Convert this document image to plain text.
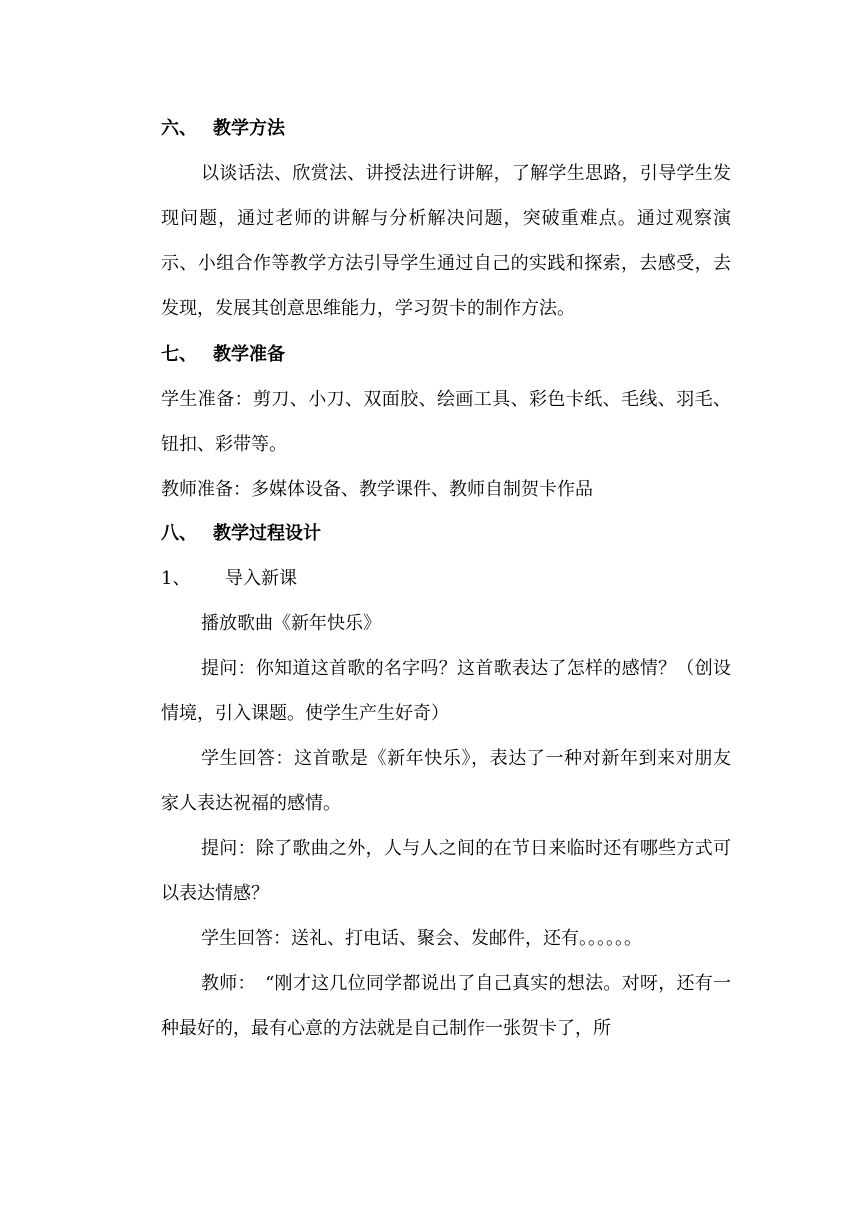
六、 教学方法
以谈话法、欣赏法、讲授法进行讲解，了解学生思路，引导学生发现问题，通过老师的讲解与分析解决问题，突破重难点。通过观察演示、小组合作等教学方法引导学生通过自己的实践和探索，去感受，去发现，发展其创意思维能力，学习贺卡的制作方法。
七、 教学准备
学生准备：剪刀、小刀、双面胶、绘画工具、彩色卡纸、毛线、羽毛、钮扣、彩带等。
教师准备：多媒体设备、教学课件、教师自制贺卡作品
八、 教学过程设计
1、 导入新课
播放歌曲《新年快乐》
提问：你知道这首歌的名字吗？这首歌表达了怎样的感情？（创设情境，引入课题。使学生产生好奇）
学生回答：这首歌是《新年快乐》，表达了一种对新年到来对朋友家人表达祝福的感情。
提问：除了歌曲之外，人与人之间的在节日来临时还有哪些方式可以表达情感？
学生回答：送礼、打电话、聚会、发邮件，还有。。。。。。
教师：　“刚才这几位同学都说出了自己真实的想法。对呀，还有一种最好的，最有心意的方法就是自己制作一张贺卡了，所
